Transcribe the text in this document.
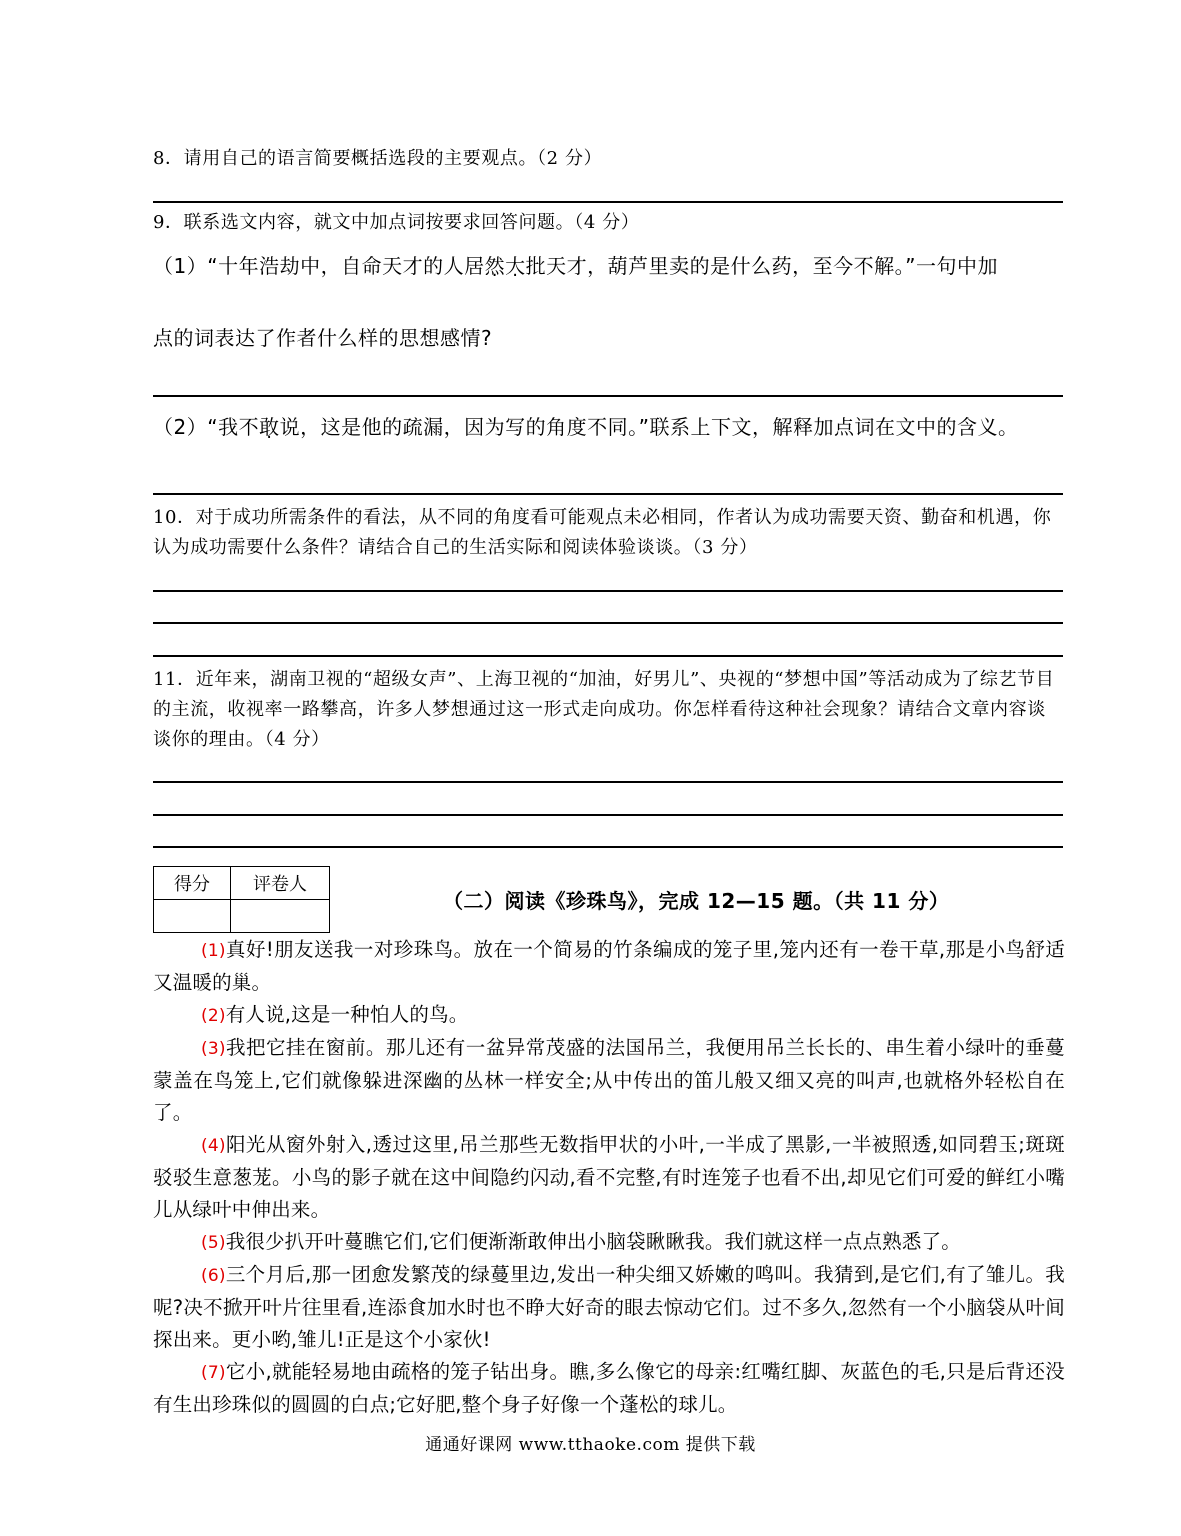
8．请用自己的语言简要概括选段的主要观点。（2 分）
9．联系选文内容，就文中加点词按要求回答问题。（4 分）
（1）“十年浩劫中，自命天才的人居然大批天才，葫芦里卖的是什么药，至今不解。”一句中加
点的词表达了作者什么样的思想感情?
（2）“我不敢说，这是他的疏漏，因为写的角度不同。”联系上下文，解释加点词在文中的含义。
10．对于成功所需条件的看法，从不同的角度看可能观点未必相同，作者认为成功需要天资、勤奋和机遇，你认为成功需要什么条件？请结合自己的生活实际和阅读体验谈谈。（3 分）
11．近年来，湖南卫视的“超级女声”、上海卫视的“加油，好男儿”、央视的“梦想中国”等活动成为了综艺节目的主流，收视率一路攀高，许多人梦想通过这一形式走向成功。你怎样看待这种社会现象？请结合文章内容谈谈你的理由。（4 分）
得分	评卷人

（二）阅读《珍珠鸟》，完成 12—15 题。（共 11 分）

(1)真好!朋友送我一对珍珠鸟。放在一个简易的竹条编成的笼子里,笼内还有一卷干草,那是小鸟舒适又温暖的巢。

(2)有人说,这是一种怕人的鸟。

(3)我把它挂在窗前。那儿还有一盆异常茂盛的法国吊兰，我便用吊兰长长的、串生着小绿叶的垂蔓蒙盖在鸟笼上,它们就像躲进深幽的丛林一样安全;从中传出的笛儿般又细又亮的叫声,也就格外轻松自在了。

(4)阳光从窗外射入,透过这里,吊兰那些无数指甲状的小叶,一半成了黑影,一半被照透,如同碧玉;斑斑驳驳生意葱茏。小鸟的影子就在这中间隐约闪动,看不完整,有时连笼子也看不出,却见它们可爱的鲜红小嘴儿从绿叶中伸出来。

(5)我很少扒开叶蔓瞧它们,它们便渐渐敢伸出小脑袋瞅瞅我。我们就这样一点点熟悉了。

(6)三个月后,那一团愈发繁茂的绿蔓里边,发出一种尖细又娇嫩的鸣叫。我猜到,是它们,有了雏儿。我呢?决不掀开叶片往里看,连添食加水时也不睁大好奇的眼去惊动它们。过不多久,忽然有一个小脑袋从叶间探出来。更小哟,雏儿!正是这个小家伙!

(7)它小,就能轻易地由疏格的笼子钻出身。瞧,多么像它的母亲:红嘴红脚、灰蓝色的毛,只是后背还没有生出珍珠似的圆圆的白点;它好肥,整个身子好像一个蓬松的球儿。

通通好课网 www.tthaoke.com 提供下载
